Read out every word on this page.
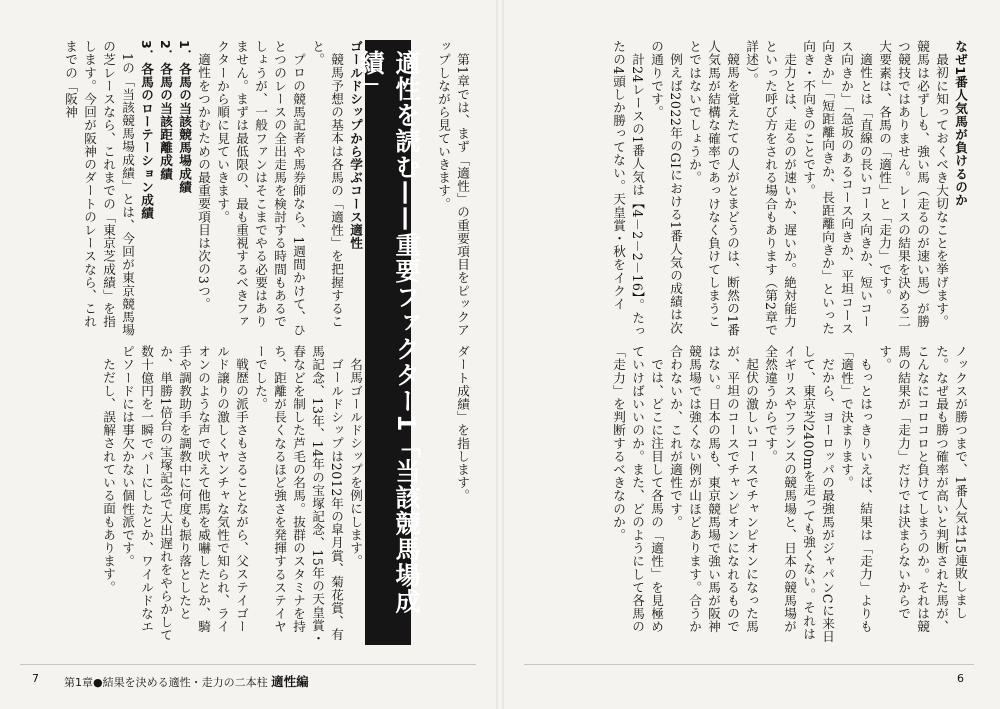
なぜ1番人気馬が負けるのか

最初に知っておくべき大切なことを挙げます。競馬は必ずしも、強い馬（走るのが速い馬）が勝つ競技ではありません。レースの結果を決める二大要素は、各馬の「適性」と「走力」です。

適性とは「直線の長いコース向きか、短いコース向きか」「急坂のあるコース向きか、平坦コース向きか」「短距離向きか、長距離向きか」といった向き・不向きのことです。

走力とは、走るのが速いか、遅いか。絶対能力といった呼び方をされる場合もあります（第2章で詳述）。

競馬を覚えたての人がとまどうのは、断然の1番人気馬が結構な確率であっけなく負けてしまうことではないでしょうか。

例えば2022年のGIにおける1番人気の成績は次の通りです。

計24レースの1番人気は【4－2－2－16】。たったの4頭しか勝ってない。天皇賞・秋をイクイ

ノックスが勝つまで、1番人気は15連敗しました。なぜ最も勝つ確率が高いと判断された馬が、こんなにコロコロと負けてしまうのか。それは競馬の結果が「走力」だけでは決まらないからです。

もっとはっきりいえば、結果は「走力」よりも「適性」で決まります。

だから、ヨーロッパの最強馬がジャパンCに来日して、東京芝2400mを走っても強くない。それはイギリスやフランスの競馬場と、日本の競馬場が全然違うからです。

起伏の激しいコースでチャンピオンになった馬が、平坦のコースでチャンピオンになれるものではない。日本の馬も、東京競馬場で強い馬が阪神競馬場では強くない例が山ほどあります。合うか合わないか、これが適性です。

では、どこに注目して各馬の「適性」を見極めていけばいいのか。また、どのようにして各馬の「走力」を判断するべきなのか。

第1章では、まず「適性」の重要項目をピックアップしながら見ていきます。

適性を読む——重要ファクター1「当該競馬場成績」
ゴールドシップから学ぶコース適性

競馬予想の基本は各馬の「適性」を把握すること。

プロの競馬記者や馬券師なら、1週間かけて、ひとつのレースの全出走馬を検討する時間もあるでしょうが、一般ファンはそこまでやる必要はありません。まずは最低限の、最も重視するべきファクターから順に見ていきます。

適性をつかむための最重要項目は次の3つ。

1．各馬の当該競馬場成績

2．各馬の当該距離成績

3．各馬のローテーション成績

1の「当該競馬場成績」とは、今回が東京競馬場の芝レースなら、これまでの「東京芝成績」を指します。今回が阪神のダートのレースなら、これまでの「阪神

ダート成績」を指します。

名馬ゴールドシップを例にします。

ゴールドシップは2012年の皐月賞、菊花賞、有馬記念、13年、14年の宝塚記念、15年の天皇賞・春などを制した芦毛の名馬。抜群のスタミナを持ち、距離が長くなるほど強さを発揮するステイヤーでした。

戦歴の派手さもさることながら、父ステイゴールド譲りの激しくヤンチャな気性で知られ、ライオンのような声で吠えて他馬を威嚇したとか、騎手や調教助手を調教中に何度も振り落としたとか、単勝1倍台の宝塚記念で大出遅れをやらかして数十億円を一瞬でパーにしたとか、ワイルドなエピソードには事欠かない個性派です。

ただし、誤解されている面もあります。

7 第1章●結果を決める適性・走力の二本柱 適性編	6
